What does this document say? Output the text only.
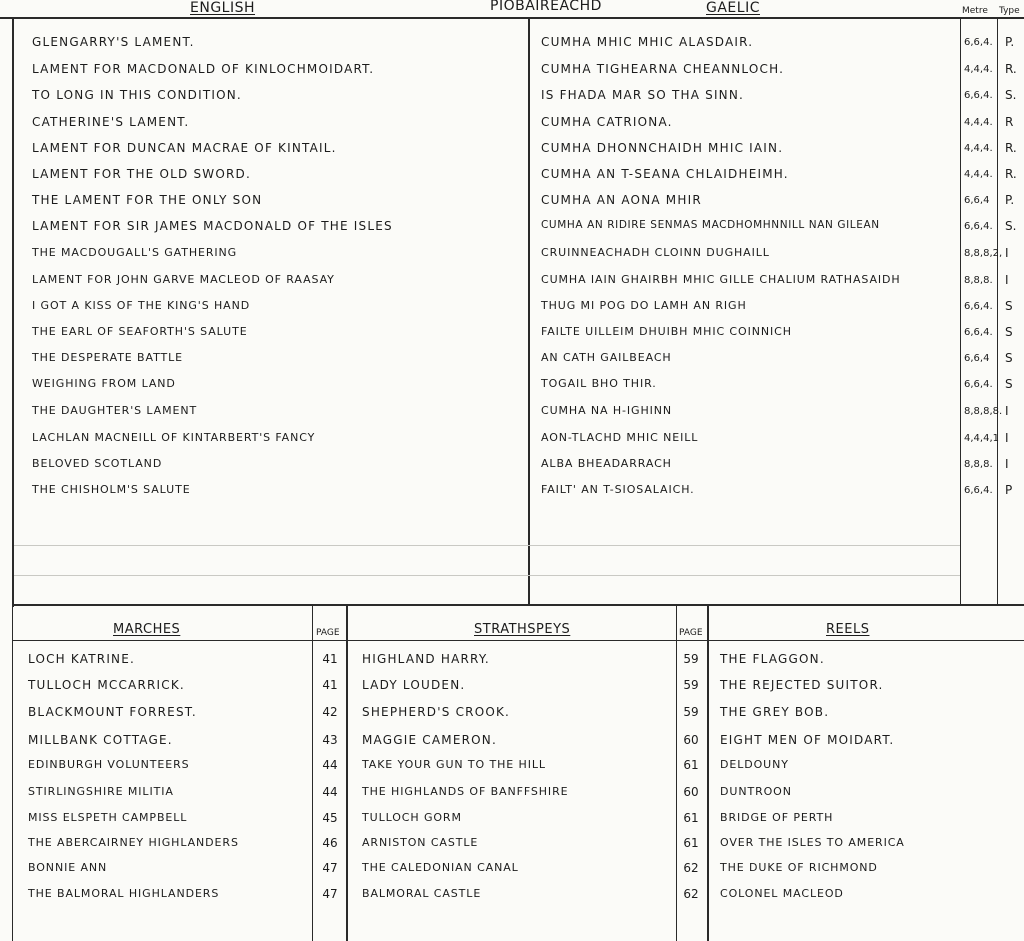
ENGLISH	PIOBAIREACHD	GAELIC	Metre Type
GLENGARRY'S LAMENT.	CUMHA MHIC MHIC ALASDAIR.	6,6,4. P.
LAMENT FOR MACDONALD OF KINLOCHMOIDART.	CUMHA TIGHEARNA CHEANNLOCH.	4,4,4. R.
TO LONG IN THIS CONDITION.	IS FHADA MAR SO THA SINN.	6,6,4. S.
CATHERINE'S LAMENT.	CUMHA CATRIONA.	4,4,4. R
LAMENT FOR DUNCAN MACRAE OF KINTAIL.	CUMHA DHONNCHAIDH MHIC IAIN.	4,4,4. R.
LAMENT FOR THE OLD SWORD.	CUMHA AN T-SEANA CHLAIDHEIMH.	4,4,4. R.
THE LAMENT FOR THE ONLY SON	CUMHA AN AONA MHIR	6,6,4 P.
LAMENT FOR SIR JAMES MACDONALD OF THE ISLES	CUMHA AN RIDIRE SENMAS MACDHOMHNNILL NAN GILEAN	6,6,4. S.
THE MACDOUGALL'S GATHERING	CRUINNEACHADH CLOINN DUGHAILL	8,8,8,2, I
LAMENT FOR JOHN GARVE MACLEOD OF RAASAY	CUMHA IAIN GHAIRBH MHIC GILLE CHALIUM RATHASAIDH	8,8,8. I
I GOT A KISS OF THE KING'S HAND	THUG MI POG DO LAMH AN RIGH	6,6,4. S
THE EARL OF SEAFORTH'S SALUTE	FAILTE UILLEIM DHUIBH MHIC COINNICH	6,6,4. S
THE DESPERATE BATTLE	AN CATH GAILBEACH	6,6,4 S
WEIGHING FROM LAND	TOGAIL BHO THIR.	6,6,4. S
THE DAUGHTER'S LAMENT	CUMHA NA H-IGHINN	8,8,8,8. I
LACHLAN MACNEILL OF KINTARBERT'S FANCY	AON-TLACHD MHIC NEILL	4,4,4,1 I
BELOVED SCOTLAND	ALBA BHEADARRACH	8,8,8. I
THE CHISHOLM'S SALUTE	FAILT' AN T-SIOSALAICH.	6,6,4. P
MARCHES	PAGE	STRATHSPEYS	PAGE	REELS
LOCH KATRINE.	41	HIGHLAND HARRY.	59	THE FLAGGON.
TULLOCH MCCARRICK.	41	LADY LOUDEN.	59	THE REJECTED SUITOR.
BLACKMOUNT FORREST.	42	SHEPHERD'S CROOK.	59	THE GREY BOB.
MILLBANK COTTAGE.	43	MAGGIE CAMERON.	60	EIGHT MEN OF MOIDART.
EDINBURGH VOLUNTEERS	44	TAKE YOUR GUN TO THE HILL	61	DELDOUNY
STIRLINGSHIRE MILITIA	44	THE HIGHLANDS OF BANFFSHIRE	60	DUNTROON
MISS ELSPETH CAMPBELL	45	TULLOCH GORM	61	BRIDGE OF PERTH
THE ABERCAIRNEY HIGHLANDERS	46	ARNISTON CASTLE	61	OVER THE ISLES TO AMERICA
BONNIE ANN	47	THE CALEDONIAN CANAL	62	THE DUKE OF RICHMOND
THE BALMORAL HIGHLANDERS	47	BALMORAL CASTLE	62	COLONEL MACLEOD
